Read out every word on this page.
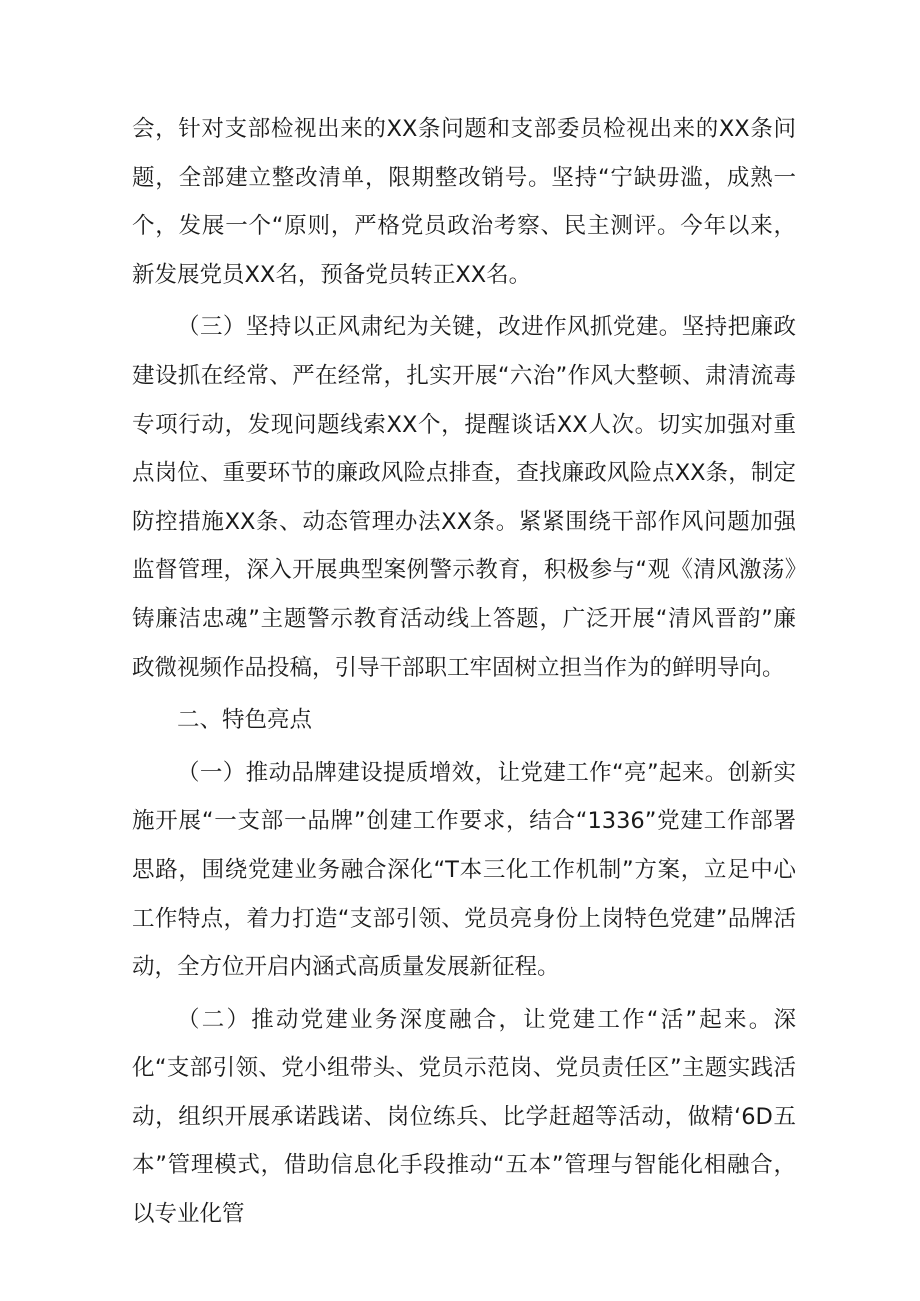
会，针对支部检视出来的XX条问题和支部委员检视出来的XX条问题，全部建立整改清单，限期整改销号。坚持“宁缺毋滥，成熟一个，发展一个“原则，严格党员政治考察、民主测评。今年以来，新发展党员XX名，预备党员转正XX名。

（三）坚持以正风肃纪为关键，改进作风抓党建。坚持把廉政建设抓在经常、严在经常，扎实开展“六治”作风大整顿、肃清流毒专项行动，发现问题线索XX个，提醒谈话XX人次。切实加强对重点岗位、重要环节的廉政风险点排查，查找廉政风险点XX条，制定防控措施XX条、动态管理办法XX条。紧紧围绕干部作风问题加强监督管理，深入开展典型案例警示教育，积极参与“观《清风激荡》铸廉洁忠魂”主题警示教育活动线上答题，广泛开展“清风晋韵”廉政微视频作品投稿，引导干部职工牢固树立担当作为的鲜明导向。

二、特色亮点

（一）推动品牌建设提质增效，让党建工作“亮”起来。创新实施开展“一支部一品牌”创建工作要求，结合“1336”党建工作部署思路，围绕党建业务融合深化“T本三化工作机制”方案，立足中心工作特点，着力打造“支部引领、党员亮身份上岗特色党建”品牌活动，全方位开启内涵式高质量发展新征程。

（二）推动党建业务深度融合，让党建工作“活”起来。深化“支部引领、党小组带头、党员示范岗、党员责任区”主题实践活动，组织开展承诺践诺、岗位练兵、比学赶超等活动，做精‘6D五本”管理模式，借助信息化手段推动“五本”管理与智能化相融合，以专业化管
